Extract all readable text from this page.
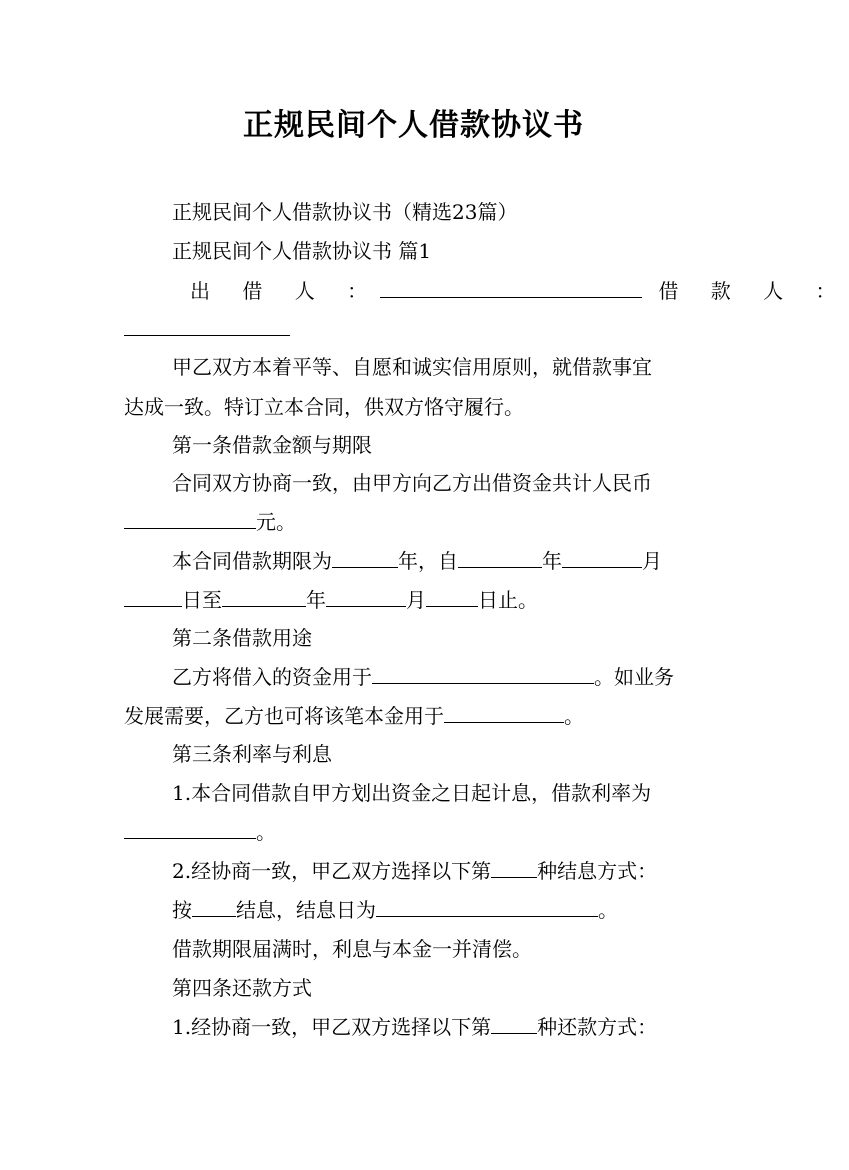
正规民间个人借款协议书
正规民间个人借款协议书（精选23篇）
正规民间个人借款协议书 篇1
出 借 人 ：	借 款 人 ：
甲乙双方本着平等、自愿和诚实信用原则，就借款事宜
达成一致。特订立本合同，供双方恪守履行。
第一条借款金额与期限
合同双方协商一致，由甲方向乙方出借资金共计人民币
元。
本合同借款期限为	年，自	年	月
日至	年	月	日止。
第二条借款用途
乙方将借入的资金用于	。如业务
发展需要，乙方也可将该笔本金用于	。
第三条利率与利息
1.本合同借款自甲方划出资金之日起计息，借款利率为
。
2.经协商一致，甲乙双方选择以下第 种结息方式：
按 结息，结息日为	。
借款期限届满时，利息与本金一并清偿。
第四条还款方式
1.经协商一致，甲乙双方选择以下第 种还款方式：
